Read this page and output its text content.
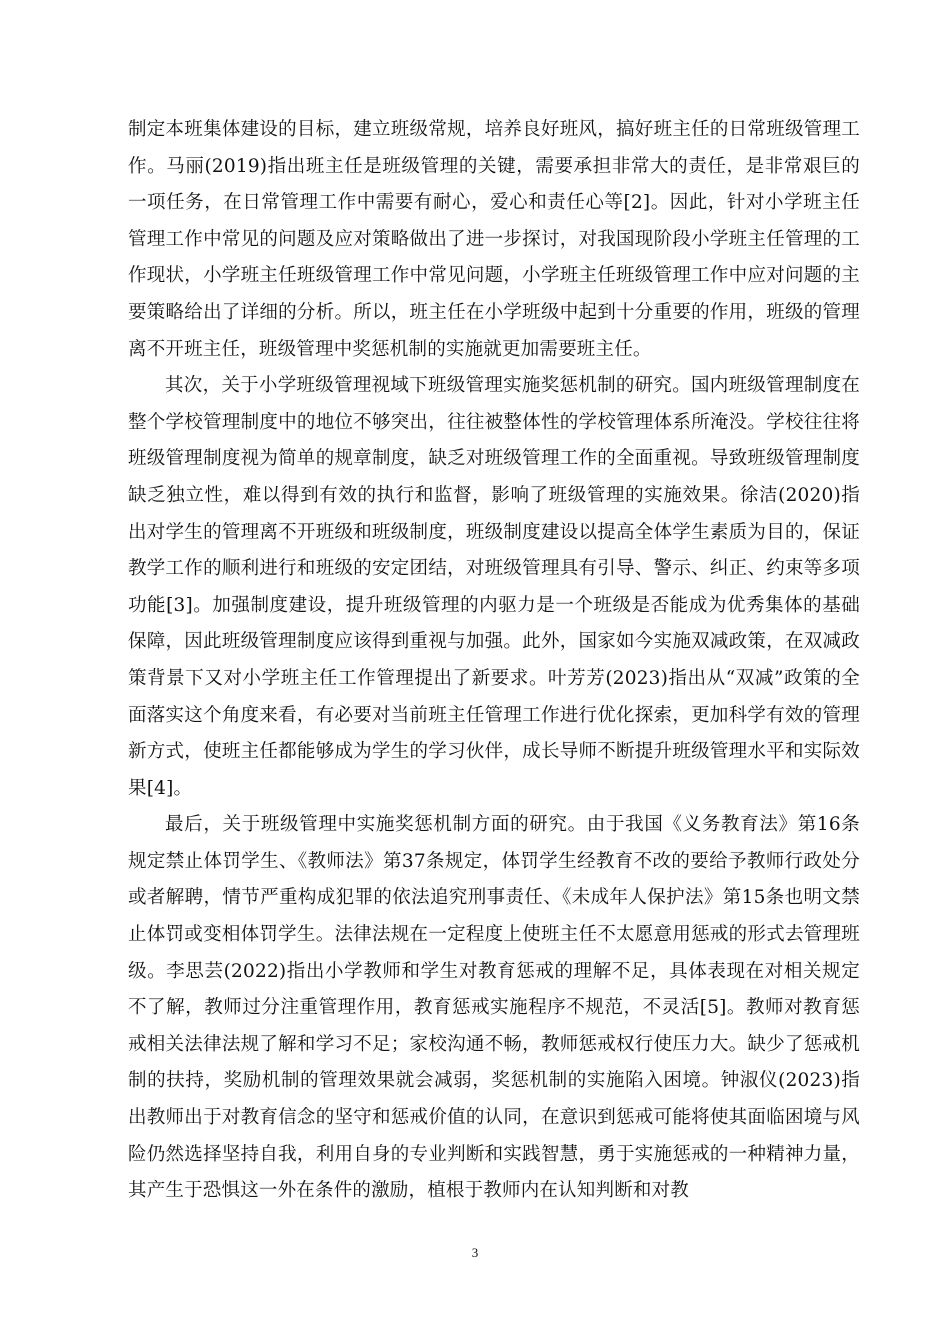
制定本班集体建设的目标，建立班级常规，培养良好班风，搞好班主任的日常班级管理工作。马丽(2019)指出班主任是班级管理的关键，需要承担非常大的责任，是非常艰巨的一项任务，在日常管理工作中需要有耐心，爱心和责任心等[2]。因此，针对小学班主任管理工作中常见的问题及应对策略做出了进一步探讨，对我国现阶段小学班主任管理的工作现状，小学班主任班级管理工作中常见问题，小学班主任班级管理工作中应对问题的主要策略给出了详细的分析。所以，班主任在小学班级中起到十分重要的作用，班级的管理离不开班主任，班级管理中奖惩机制的实施就更加需要班主任。

其次，关于小学班级管理视域下班级管理实施奖惩机制的研究。国内班级管理制度在整个学校管理制度中的地位不够突出，往往被整体性的学校管理体系所淹没。学校往往将班级管理制度视为简单的规章制度，缺乏对班级管理工作的全面重视。导致班级管理制度缺乏独立性，难以得到有效的执行和监督，影响了班级管理的实施效果。徐洁(2020)指出对学生的管理离不开班级和班级制度，班级制度建设以提高全体学生素质为目的，保证教学工作的顺利进行和班级的安定团结，对班级管理具有引导、警示、纠正、约束等多项功能[3]。加强制度建设，提升班级管理的内驱力是一个班级是否能成为优秀集体的基础保障，因此班级管理制度应该得到重视与加强。此外，国家如今实施双减政策，在双减政策背景下又对小学班主任工作管理提出了新要求。叶芳芳(2023)指出从“双减”政策的全面落实这个角度来看，有必要对当前班主任管理工作进行优化探索，更加科学有效的管理新方式，使班主任都能够成为学生的学习伙伴，成长导师不断提升班级管理水平和实际效果[4]。

最后，关于班级管理中实施奖惩机制方面的研究。由于我国《义务教育法》第16条规定禁止体罚学生、《教师法》第37条规定，体罚学生经教育不改的要给予教师行政处分或者解聘，情节严重构成犯罪的依法追究刑事责任、《未成年人保护法》第15条也明文禁止体罚或变相体罚学生。法律法规在一定程度上使班主任不太愿意用惩戒的形式去管理班级。李思芸(2022)指出小学教师和学生对教育惩戒的理解不足，具体表现在对相关规定不了解，教师过分注重管理作用，教育惩戒实施程序不规范，不灵活[5]。教师对教育惩戒相关法律法规了解和学习不足；家校沟通不畅，教师惩戒权行使压力大。缺少了惩戒机制的扶持，奖励机制的管理效果就会减弱，奖惩机制的实施陷入困境。钟淑仪(2023)指出教师出于对教育信念的坚守和惩戒价值的认同，在意识到惩戒可能将使其面临困境与风险仍然选择坚持自我，利用自身的专业判断和实践智慧，勇于实施惩戒的一种精神力量，其产生于恐惧这一外在条件的激励，植根于教师内在认知判断和对教

3
